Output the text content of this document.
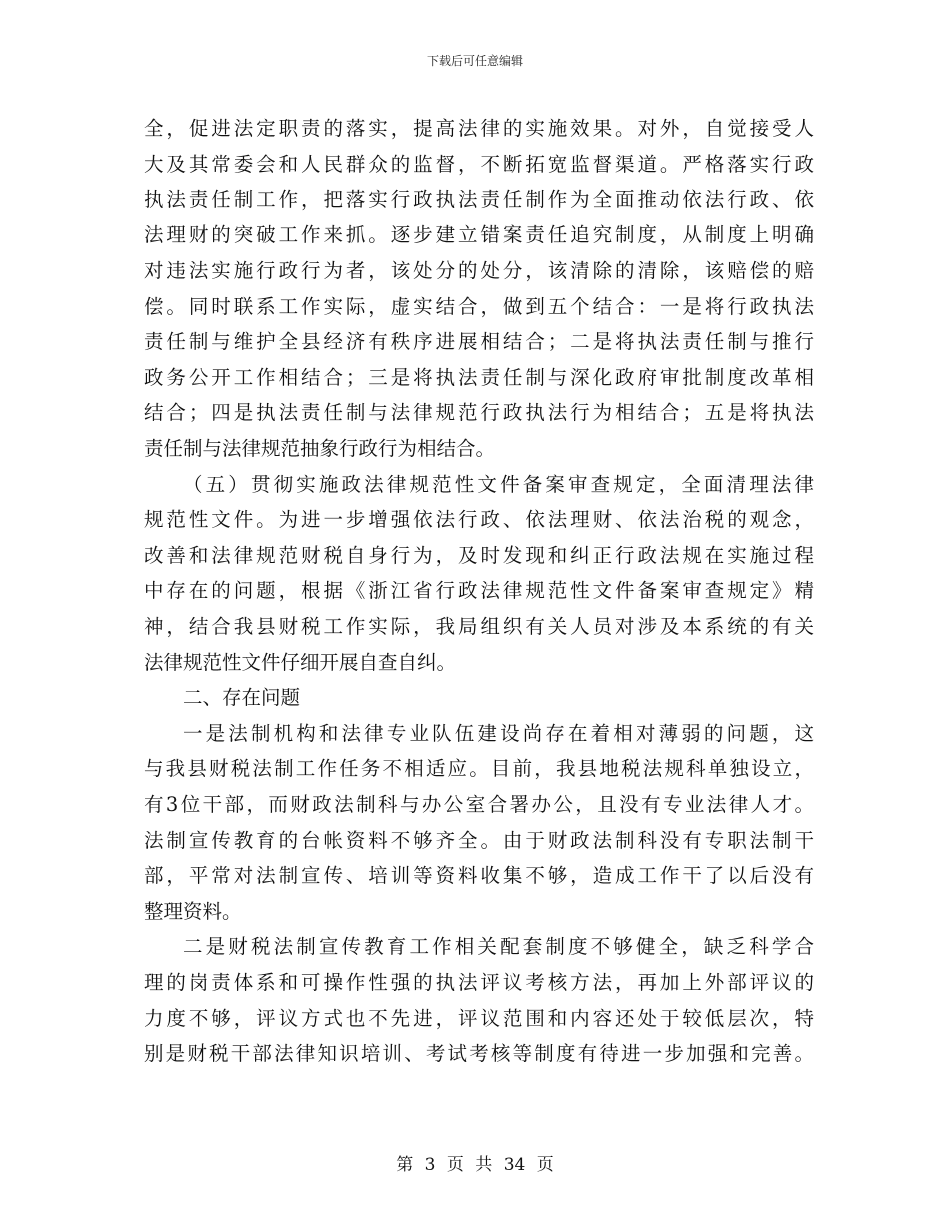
下载后可任意编辑
全，促进法定职责的落实，提高法律的实施效果。对外，自觉接受人
大及其常委会和人民群众的监督，不断拓宽监督渠道。严格落实行政
执法责任制工作，把落实行政执法责任制作为全面推动依法行政、依
法理财的突破工作来抓。逐步建立错案责任追究制度，从制度上明确
对违法实施行政行为者，该处分的处分，该清除的清除，该赔偿的赔
偿。同时联系工作实际，虚实结合，做到五个结合：一是将行政执法
责任制与维护全县经济有秩序进展相结合；二是将执法责任制与推行
政务公开工作相结合；三是将执法责任制与深化政府审批制度改革相
结合；四是执法责任制与法律规范行政执法行为相结合；五是将执法
责任制与法律规范抽象行政行为相结合。
（五）贯彻实施政法律规范性文件备案审查规定，全面清理法律
规范性文件。为进一步增强依法行政、依法理财、依法治税的观念，
改善和法律规范财税自身行为，及时发现和纠正行政法规在实施过程
中存在的问题，根据《浙江省行政法律规范性文件备案审查规定》精
神，结合我县财税工作实际，我局组织有关人员对涉及本系统的有关
法律规范性文件仔细开展自查自纠。
二、存在问题
一是法制机构和法律专业队伍建设尚存在着相对薄弱的问题，这
与我县财税法制工作任务不相适应。目前，我县地税法规科单独设立，
有3位干部，而财政法制科与办公室合署办公，且没有专业法律人才。
法制宣传教育的台帐资料不够齐全。由于财政法制科没有专职法制干
部，平常对法制宣传、培训等资料收集不够，造成工作干了以后没有
整理资料。
二是财税法制宣传教育工作相关配套制度不够健全，缺乏科学合
理的岗责体系和可操作性强的执法评议考核方法，再加上外部评议的
力度不够，评议方式也不先进，评议范围和内容还处于较低层次，特
别是财税干部法律知识培训、考试考核等制度有待进一步加强和完善。
第 3 页 共 34 页
